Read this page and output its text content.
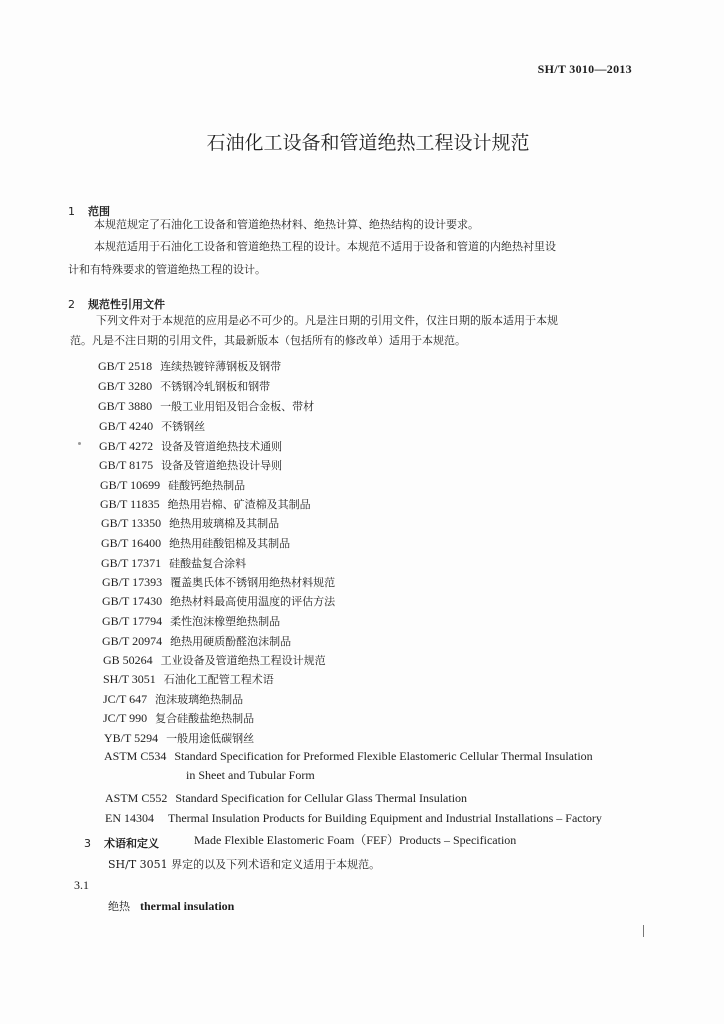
SH/T 3010—2013
石油化工设备和管道绝热工程设计规范
1 范围

本规范规定了石油化工设备和管道绝热材料、绝热计算、绝热结构的设计要求。

本规范适用于石油化工设备和管道绝热工程的设计。本规范不适用于设备和管道的内绝热衬里设

计和有特殊要求的管道绝热工程的设计。

2 规范性引用文件

下列文件对于本规范的应用是必不可少的。凡是注日期的引用文件，仅注日期的版本适用于本规

范。凡是不注日期的引用文件，其最新版本（包括所有的修改单）适用于本规范。

GB/T 2518 连续热镀锌薄钢板及钢带
GB/T 3280 不锈钢冷轧钢板和钢带
GB/T 3880 一般工业用铝及铝合金板、带材
GB/T 4240 不锈钢丝
GB/T 4272 设备及管道绝热技术通则
GB/T 8175 设备及管道绝热设计导则
GB/T 10699 硅酸钙绝热制品
GB/T 11835 绝热用岩棉、矿渣棉及其制品
GB/T 13350 绝热用玻璃棉及其制品
GB/T 16400 绝热用硅酸铝棉及其制品
GB/T 17371 硅酸盐复合涂料
GB/T 17393 覆盖奥氏体不锈钢用绝热材料规范
GB/T 17430 绝热材料最高使用温度的评估方法
GB/T 17794 柔性泡沫橡塑绝热制品
GB/T 20974 绝热用硬质酚醛泡沫制品
GB 50264 工业设备及管道绝热工程设计规范
SH/T 3051 石油化工配管工程术语
JC/T 647 泡沫玻璃绝热制品
JC/T 990 复合硅酸盐绝热制品
YB/T 5294 一般用途低碳钢丝
ASTM C534 Standard Specification for Preformed Flexible Elastomeric Cellular Thermal Insulation
in Sheet and Tubular Form
ASTM C552 Standard Specification for Cellular Glass Thermal Insulation
EN 14304 Thermal Insulation Products for Building Equipment and Industrial Installations – Factory
Made Flexible Elastomeric Foam（FEF）Products – Specification
3 术语和定义

SH/T 3051 界定的以及下列术语和定义适用于本规范。

3.1
绝热 thermal insulation
